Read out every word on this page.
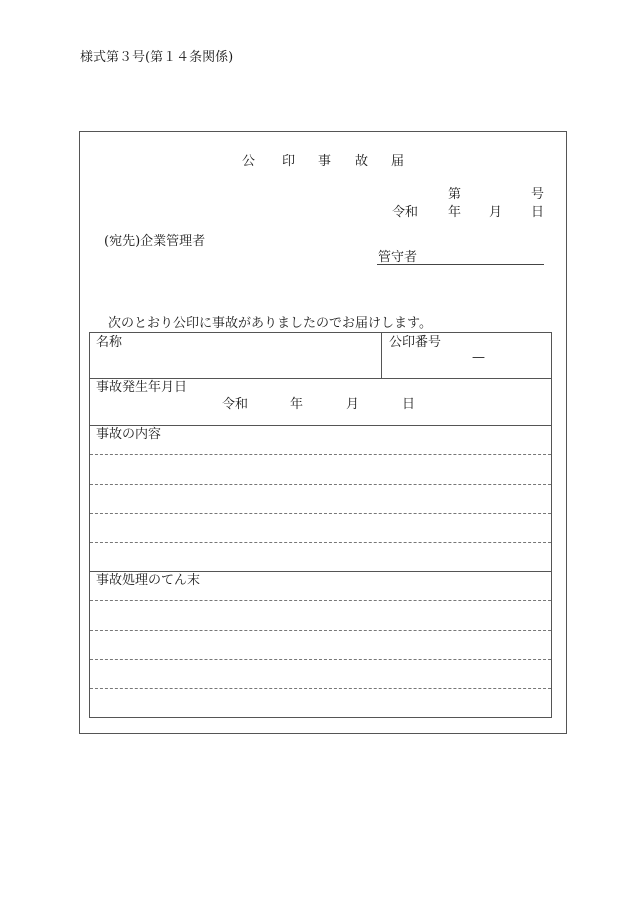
様式第３号(第１４条関係)
公 印 事 故 届
第	号
令和 年 月 日
(宛先)企業管理者
管守者
次のとおり公印に事故がありましたのでお届けします。
名称	公印番号
—
事故発生年月日
令和	年	月	日
事故の内容
事故処理のてん末
